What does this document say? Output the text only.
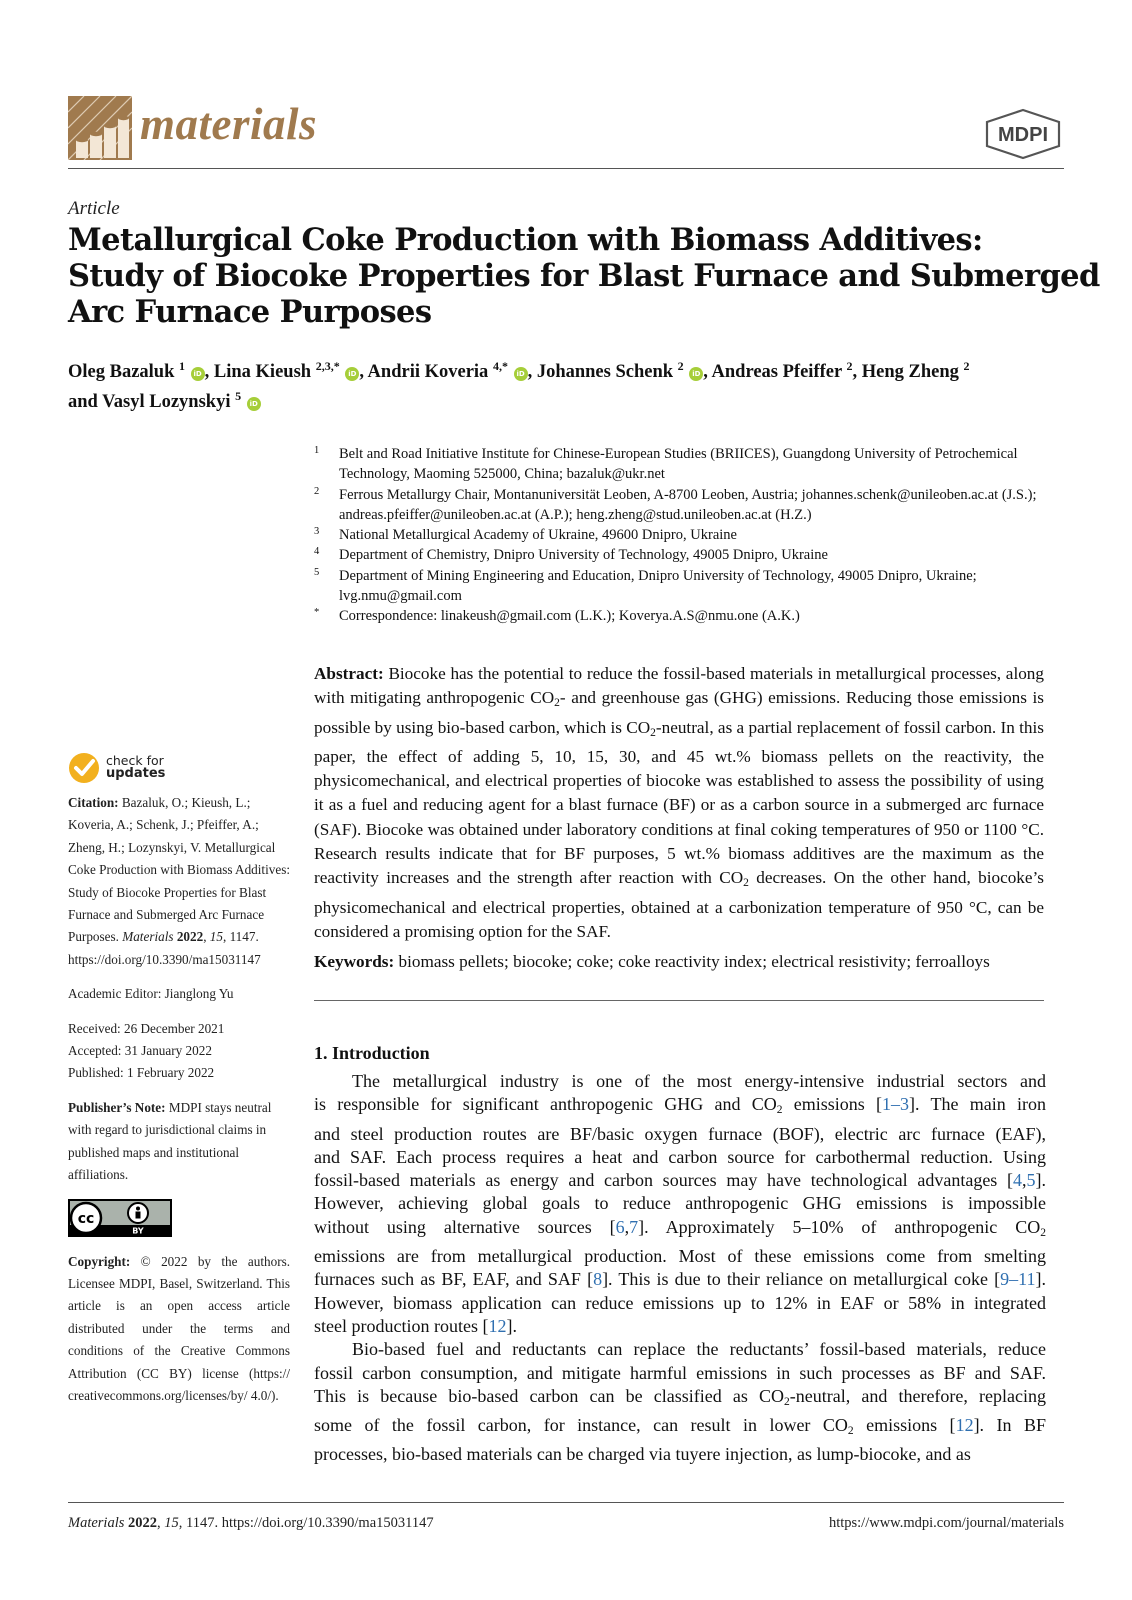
materials	MDPI
Article
Metallurgical Coke Production with Biomass Additives:
Study of Biocoke Properties for Blast Furnace and Submerged
Arc Furnace Purposes
Oleg Bazaluk $^1$ iD , Lina Kieush $^{2,3,*}$ iD , Andrii Koveria $^{4,*}$ iD , Johannes Schenk $^2$ iD , Andreas Pfeiffer $^2$, Heng Zheng $^2$
and Vasyl Lozynskyi $^5$ iD
1 Belt and Road Initiative Institute for Chinese-European Studies (BRIICES), Guangdong University of Petrochemical Technology, Maoming 525000, China; bazaluk@ukr.net
2 Ferrous Metallurgy Chair, Montanuniversität Leoben, A-8700 Leoben, Austria; johannes.schenk@unileoben.ac.at (J.S.); andreas.pfeiffer@unileoben.ac.at (A.P.); heng.zheng@stud.unileoben.ac.at (H.Z.)
3 National Metallurgical Academy of Ukraine, 49600 Dnipro, Ukraine
4 Department of Chemistry, Dnipro University of Technology, 49005 Dnipro, Ukraine
5 Department of Mining Engineering and Education, Dnipro University of Technology, 49005 Dnipro, Ukraine; lvg.nmu@gmail.com
* Correspondence: linakeush@gmail.com (L.K.); Koverya.A.S@nmu.one (A.K.)
Abstract: Biocoke has the potential to reduce the fossil-based materials in metallurgical processes, along with mitigating anthropogenic $CO_2-$ and greenhouse gas (GHG) emissions. Reducing those emissions is possible by using bio-based carbon, which is $CO_2$-neutral, as a partial replacement of fossil carbon. In this paper, the effect of adding 5, 10, 15, 30, and 45 wt.% biomass pellets on the reactivity, the physicomechanical, and electrical properties of biocoke was established to assess the possibility of using it as a fuel and reducing agent for a blast furnace (BF) or as a carbon source in a submerged arc furnace (SAF). Biocoke was obtained under laboratory conditions at final coking temperatures of 950 or 1100 °C. Research results indicate that for BF purposes, 5 wt.% biomass additives are the maximum as the reactivity increases and the strength after reaction with $CO_2$ decreases. On the other hand, biocoke’s physicomechanical and electrical properties, obtained at a carbonization temperature of 950 °C, can be considered a promising option for the SAF.
Keywords: biomass pellets; biocoke; coke; coke reactivity index; electrical resistivity; ferroalloys
1. Introduction
The metallurgical industry is one of the most energy-intensive industrial sectors and
is responsible for significant anthropogenic GHG and $CO_2$ emissions [1–3]. The main iron
and steel production routes are BF/basic oxygen furnace (BOF), electric arc furnace (EAF),
and SAF. Each process requires a heat and carbon source for carbothermal reduction. Using
fossil-based materials as energy and carbon sources may have technological advantages [4,5].
However, achieving global goals to reduce anthropogenic GHG emissions is impossible
without using alternative sources [6,7]. Approximately 5–10% of anthropogenic $CO_2$
emissions are from metallurgical production. Most of these emissions come from smelting
furnaces such as BF, EAF, and SAF [8]. This is due to their reliance on metallurgical coke [9–11].
However, biomass application can reduce emissions up to 12% in EAF or 58% in integrated
steel production routes [12].
Bio-based fuel and reductants can replace the reductants’ fossil-based materials, reduce
fossil carbon consumption, and mitigate harmful emissions in such processes as BF and SAF.
This is because bio-based carbon can be classified as $CO_2$-neutral, and therefore, replacing
some of the fossil carbon, for instance, can result in lower $CO_2$ emissions [12]. In BF
processes, bio-based materials can be charged via tuyere injection, as lump-biocoke, and as
check for
updates
Citation: Bazaluk, O.; Kieush, L.; Koveria, A.; Schenk, J.; Pfeiffer, A.; Zheng, H.; Lozynskyi, V. Metallurgical Coke Production with Biomass Additives: Study of Biocoke Properties for Blast Furnace and Submerged Arc Furnace Purposes. Materials 2022, 15, 1147. https://doi.org/10.3390/ma15031147
Academic Editor: Jianglong Yu
Received: 26 December 2021
Accepted: 31 January 2022
Published: 1 February 2022
Publisher’s Note: MDPI stays neutral with regard to jurisdictional claims in published maps and institutional affiliations.
cc
BY
Copyright: © 2022 by the authors. Licensee MDPI, Basel, Switzerland. This article is an open access article distributed under the terms and conditions of the Creative Commons Attribution (CC BY) license (https:// creativecommons.org/licenses/by/ 4.0/).
Materials 2022, 15, 1147. https://doi.org/10.3390/ma15031147	https://www.mdpi.com/journal/materials
